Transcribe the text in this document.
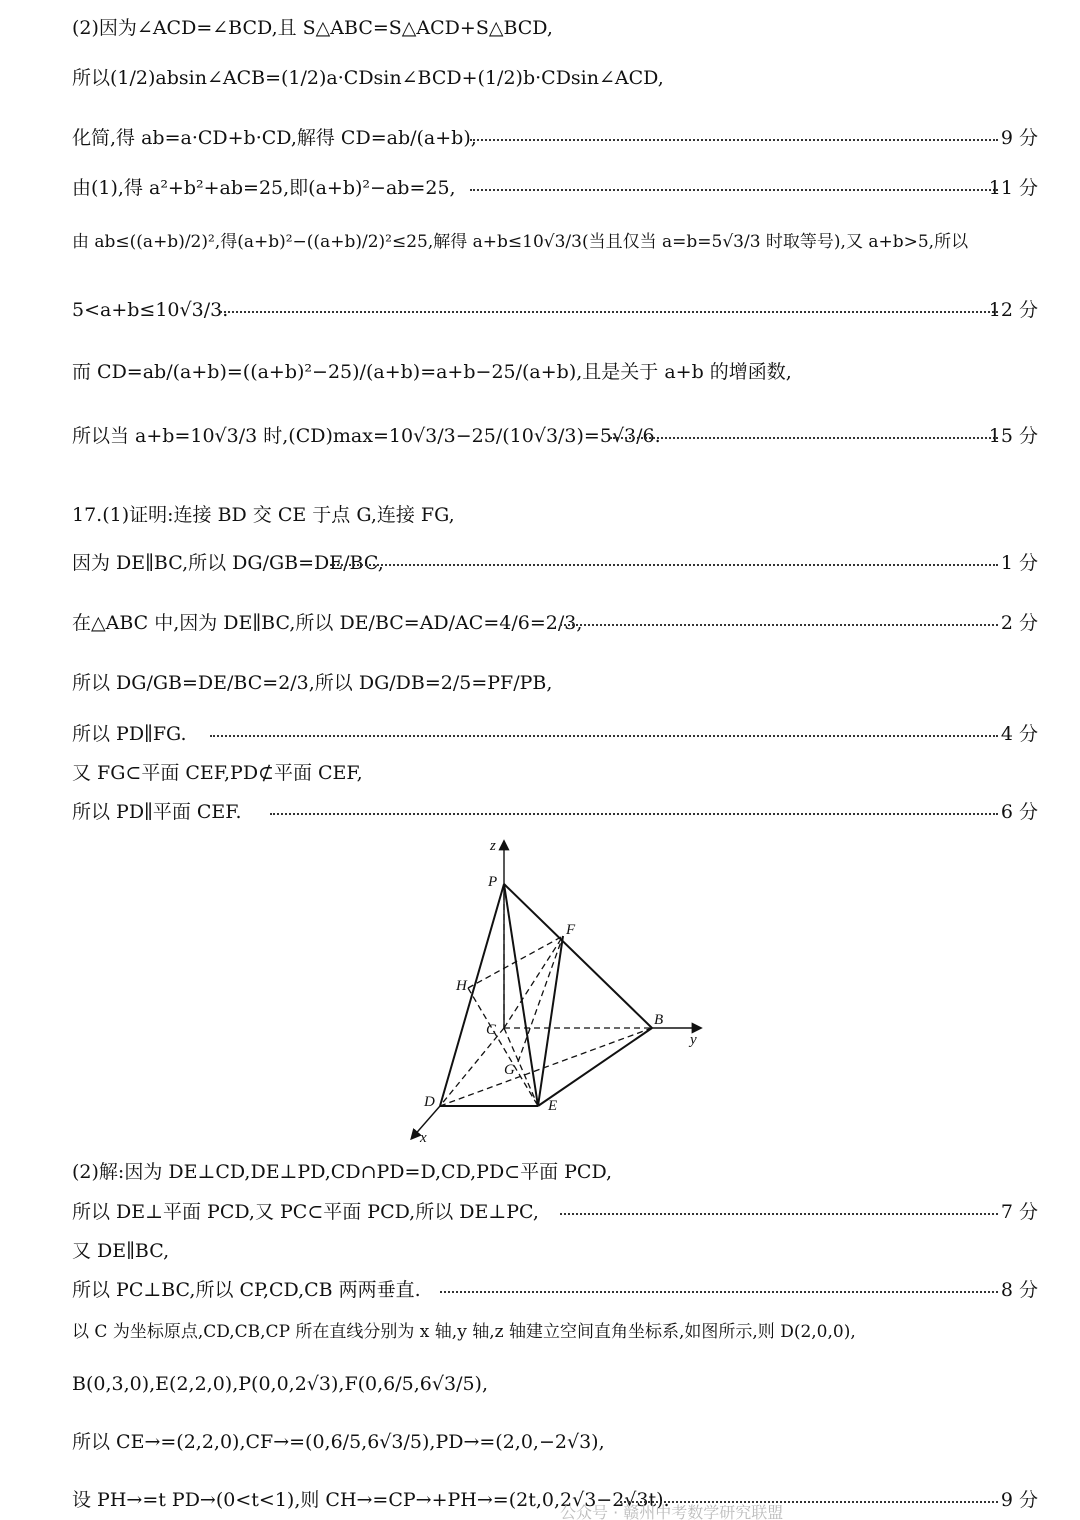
(2)因为∠ACD=∠BCD,且 S△ABC=S△ACD+S△BCD,
所以(1/2)absin∠ACB=(1/2)a·CDsin∠BCD+(1/2)b·CDsin∠ACD,
化简,得 ab=a·CD+b·CD,解得 CD=ab/(a+b),	9 分
由(1),得 a²+b²+ab=25,即(a+b)²−ab=25,	11 分
由 ab≤((a+b)/2)²,得(a+b)²−((a+b)/2)²≤25,解得 a+b≤10√3/3(当且仅当 a=b=5√3/3 时取等号),又 a+b>5,所以
5<a+b≤10√3/3.	12 分
而 CD=ab/(a+b)=((a+b)²−25)/(a+b)=a+b−25/(a+b),且是关于 a+b 的增函数,
所以当 a+b=10√3/3 时,(CD)max=10√3/3−25/(10√3/3)=5√3/6.	15 分
17.(1)证明:连接 BD 交 CE 于点 G,连接 FG,
因为 DE∥BC,所以 DG/GB=DE/BC,	1 分
在△ABC 中,因为 DE∥BC,所以 DE/BC=AD/AC=4/6=2/3,	2 分
所以 DG/GB=DE/BC=2/3,所以 DG/DB=2/5=PF/PB,
所以 PD∥FG.	4 分
又 FG⊂平面 CEF,PD⊄平面 CEF,
所以 PD∥平面 CEF.	6 分
z
P
F
H
C
B
y
G
D	E
x
(2)解:因为 DE⊥CD,DE⊥PD,CD∩PD=D,CD,PD⊂平面 PCD,
所以 DE⊥平面 PCD,又 PC⊂平面 PCD,所以 DE⊥PC,	7 分
又 DE∥BC,
所以 PC⊥BC,所以 CP,CD,CB 两两垂直.	8 分
以 C 为坐标原点,CD,CB,CP 所在直线分别为 x 轴,y 轴,z 轴建立空间直角坐标系,如图所示,则 D(2,0,0),
B(0,3,0),E(2,2,0),P(0,0,2√3),F(0,6/5,6√3/5),
所以 CE→=(2,2,0),CF→=(0,6/5,6√3/5),PD→=(2,0,−2√3),
设 PH→=t PD→(0<t<1),则 CH→=CP→+PH→=(2t,0,2√3−2√3t).	9 分
公众号 · 赣州中考数学研究联盟
